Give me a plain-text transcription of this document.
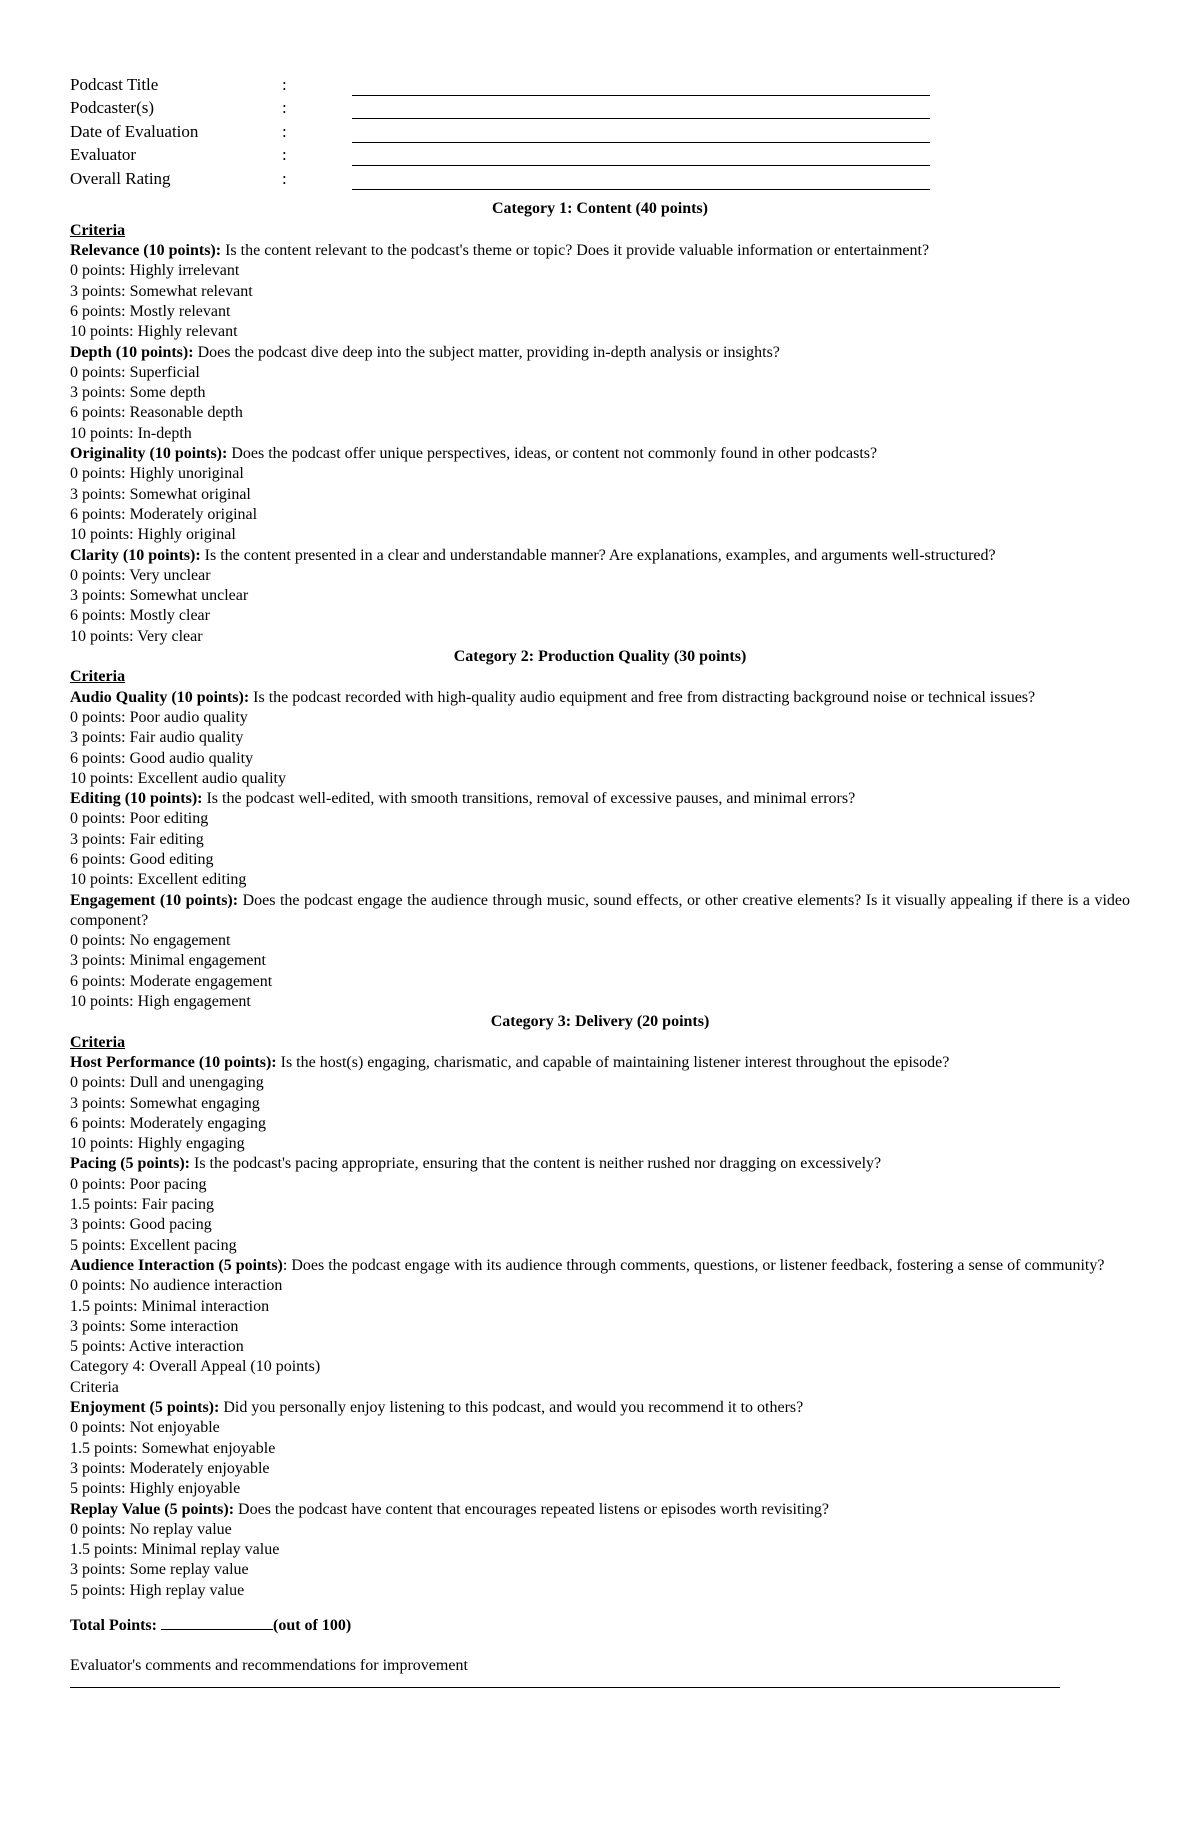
Podcast Title	:	
Podcaster(s)	:	
Date of Evaluation	:	
Evaluator	:	
Overall Rating	:	
Category 1: Content (40 points)
Criteria
Relevance (10 points): Is the content relevant to the podcast's theme or topic? Does it provide valuable information or entertainment?
0 points: Highly irrelevant
3 points: Somewhat relevant
6 points: Mostly relevant
10 points: Highly relevant
Depth (10 points): Does the podcast dive deep into the subject matter, providing in-depth analysis or insights?
0 points: Superficial
3 points: Some depth
6 points: Reasonable depth
10 points: In-depth
Originality (10 points): Does the podcast offer unique perspectives, ideas, or content not commonly found in other podcasts?
0 points: Highly unoriginal
3 points: Somewhat original
6 points: Moderately original
10 points: Highly original
Clarity (10 points): Is the content presented in a clear and understandable manner? Are explanations, examples, and arguments well-structured?
0 points: Very unclear
3 points: Somewhat unclear
6 points: Mostly clear
10 points: Very clear
Category 2: Production Quality (30 points)
Criteria
Audio Quality (10 points): Is the podcast recorded with high-quality audio equipment and free from distracting background noise or technical issues?
0 points: Poor audio quality
3 points: Fair audio quality
6 points: Good audio quality
10 points: Excellent audio quality
Editing (10 points): Is the podcast well-edited, with smooth transitions, removal of excessive pauses, and minimal errors?
0 points: Poor editing
3 points: Fair editing
6 points: Good editing
10 points: Excellent editing
Engagement (10 points): Does the podcast engage the audience through music, sound effects, or other creative elements? Is it visually appealing if there is a video component?
0 points: No engagement
3 points: Minimal engagement
6 points: Moderate engagement
10 points: High engagement
Category 3: Delivery (20 points)
Criteria
Host Performance (10 points): Is the host(s) engaging, charismatic, and capable of maintaining listener interest throughout the episode?
0 points: Dull and unengaging
3 points: Somewhat engaging
6 points: Moderately engaging
10 points: Highly engaging
Pacing (5 points): Is the podcast's pacing appropriate, ensuring that the content is neither rushed nor dragging on excessively?
0 points: Poor pacing
1.5 points: Fair pacing
3 points: Good pacing
5 points: Excellent pacing
Audience Interaction (5 points): Does the podcast engage with its audience through comments, questions, or listener feedback, fostering a sense of community?
0 points: No audience interaction
1.5 points: Minimal interaction
3 points: Some interaction
5 points: Active interaction
Category 4: Overall Appeal (10 points)
Criteria
Enjoyment (5 points): Did you personally enjoy listening to this podcast, and would you recommend it to others?
0 points: Not enjoyable
1.5 points: Somewhat enjoyable
3 points: Moderately enjoyable
5 points: Highly enjoyable
Replay Value (5 points): Does the podcast have content that encourages repeated listens or episodes worth revisiting?
0 points: No replay value
1.5 points: Minimal replay value
3 points: Some replay value
5 points: High replay value
Total Points:	(out of 100)
Evaluator's comments and recommendations for improvement
